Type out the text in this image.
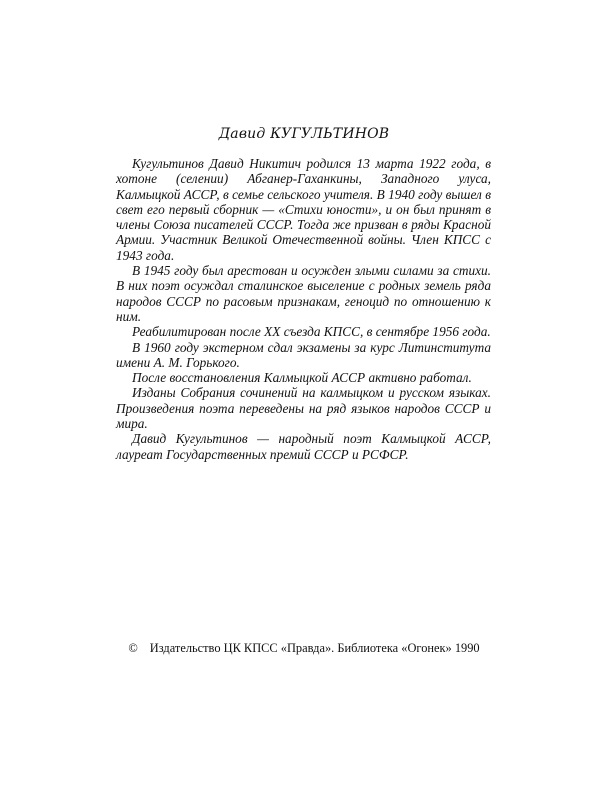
Давид КУГУЛЬТИНОВ

Кугультинов Давид Никитич родился 13 марта 1922 года, в хотоне (селении) Абганер-Гаханкины, Западного улуса, Калмыцкой АССР, в семье сельского учителя. В 1940 году вышел в свет его первый сборник — «Стихи юности», и он был принят в члены Союза писателей СССР. Тогда же призван в ряды Красной Армии. Участник Великой Отечественной войны. Член КПСС с 1943 года.

В 1945 году был арестован и осужден злыми силами за стихи. В них поэт осуждал сталинское выселение с родных земель ряда народов СССР по расовым признакам, геноцид по отношению к ним.

Реабилитирован после XX съезда КПСС, в сентябре 1956 года.

В 1960 году экстерном сдал экзамены за курс Литинститута имени А. М. Горького.

После восстановления Калмыцкой АССР активно работал.

Изданы Собрания сочинений на калмыцком и русском языках. Произведения поэта переведены на ряд языков народов СССР и мира.

Давид Кугультинов — народный поэт Калмыцкой АССР, лауреат Государственных премий СССР и РСФСР.

© Издательство ЦК КПСС «Правда». Библиотека «Огонек» 1990
